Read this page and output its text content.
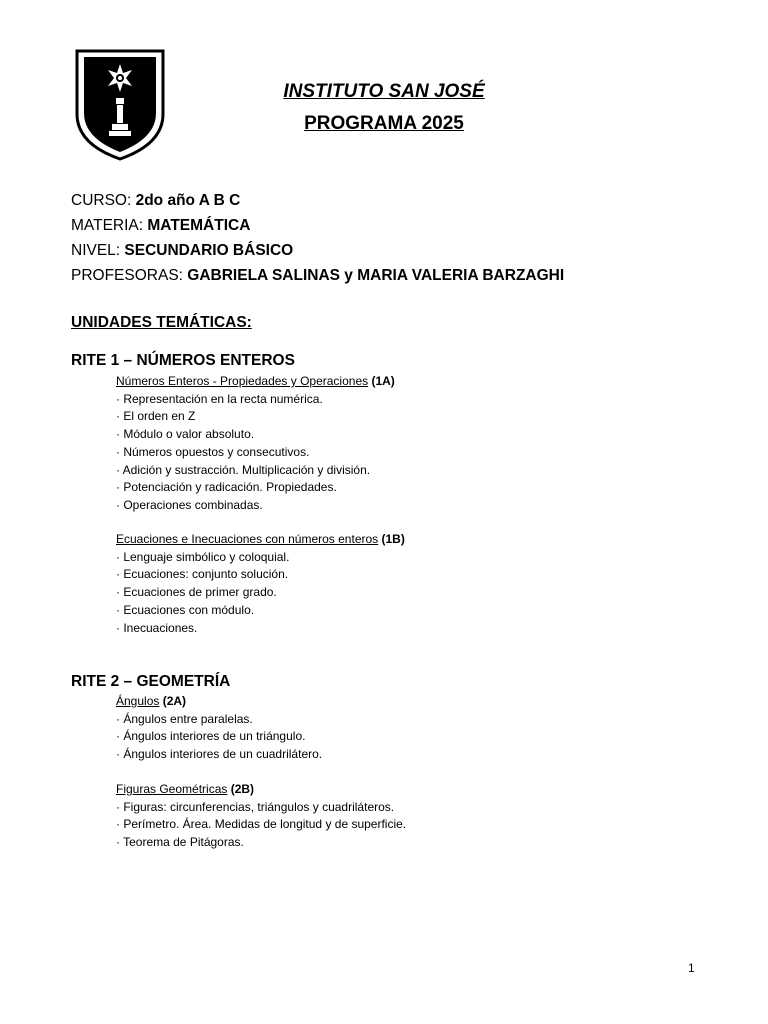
INSTITUTO SAN JOSÉ

PROGRAMA 2025

CURSO: 2do año A B C
MATERIA: MATEMÁTICA
NIVEL: SECUNDARIO BÁSICO
PROFESORAS: GABRIELA SALINAS y MARIA VALERIA BARZAGHI
UNIDADES TEMÁTICAS:
RITE 1 – NÚMEROS ENTEROS

Números Enteros - Propiedades y Operaciones (1A)

· Representación en la recta numérica.

· El orden en Z

· Módulo o valor absoluto.

· Números opuestos y consecutivos.

· Adición y sustracción. Multiplicación y división.

· Potenciación y radicación. Propiedades.

· Operaciones combinadas.

Ecuaciones e Inecuaciones con números enteros (1B)

· Lenguaje simbólico y coloquial.

· Ecuaciones: conjunto solución.

· Ecuaciones de primer grado.

· Ecuaciones con módulo.

· Inecuaciones.

RITE 2 – GEOMETRÍA

Ángulos (2A)

· Ángulos entre paralelas.

· Ángulos interiores de un triángulo.

· Ángulos interiores de un cuadrilátero.

Figuras Geométricas (2B)

· Figuras: circunferencias, triángulos y cuadriláteros.

· Perímetro. Área. Medidas de longitud y de superficie.

· Teorema de Pitágoras.

1
